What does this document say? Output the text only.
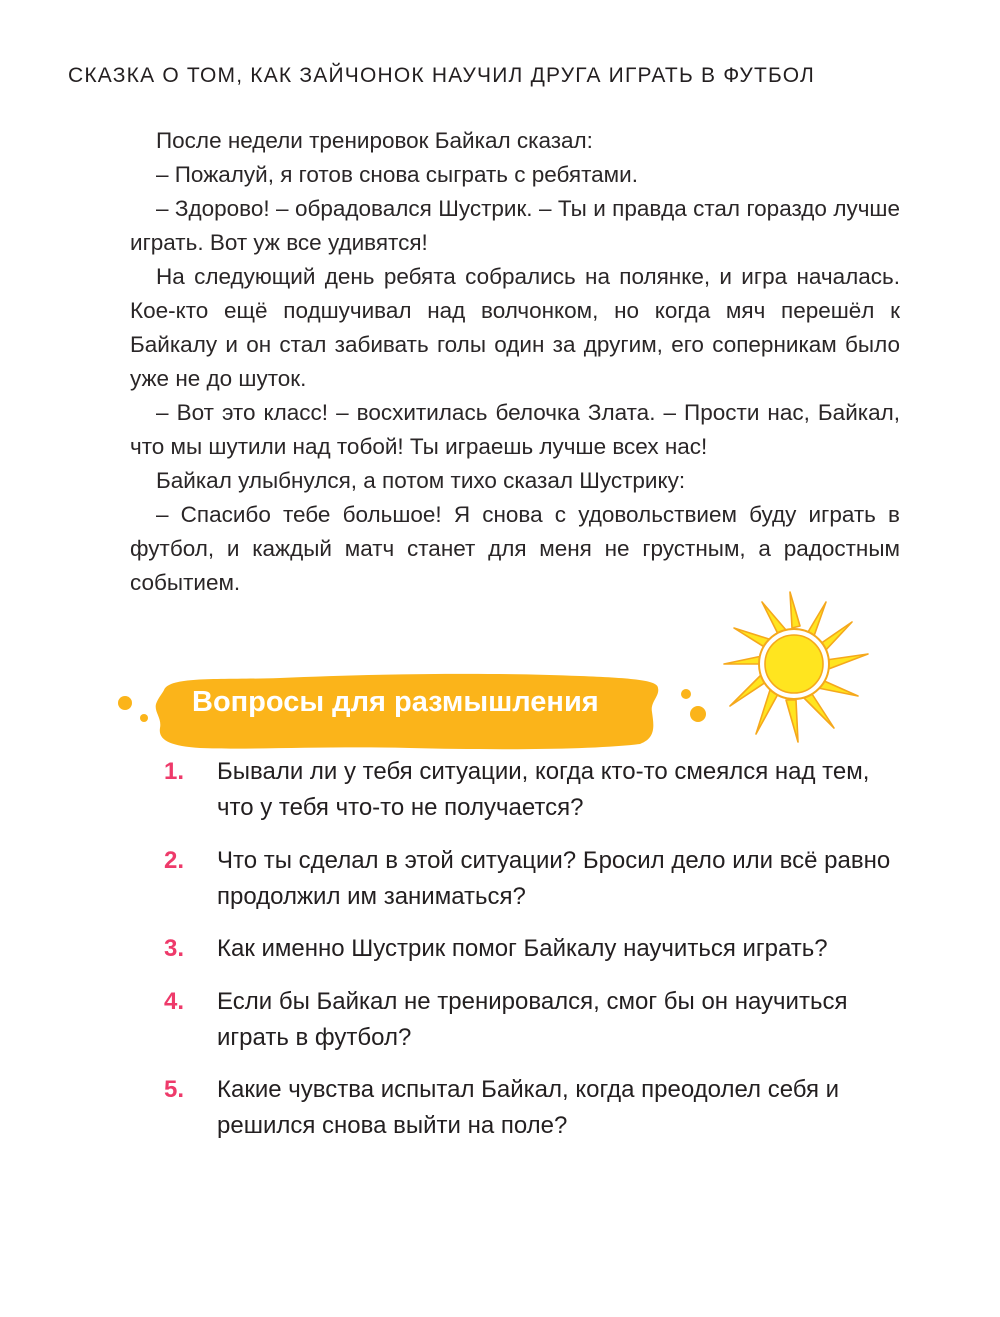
СКАЗКА О ТОМ, КАК ЗАЙЧОНОК НАУЧИЛ ДРУГА ИГРАТЬ В ФУТБОЛ

После недели тренировок Байкал сказал:

– Пожалуй, я готов снова сыграть с ребятами.

– Здорово! – обрадовался Шустрик. – Ты и правда стал гораздо лучше играть. Вот уж все удивятся!

На следующий день ребята собрались на полянке, и игра началась. Кое-кто ещё подшучивал над волчонком, но когда мяч перешёл к Байкалу и он стал забивать голы один за другим, его соперникам было уже не до шуток.

– Вот это класс! – восхитилась белочка Злата. – Прости нас, Байкал, что мы шутили над тобой! Ты играешь лучше всех нас!

Байкал улыбнулся, а потом тихо сказал Шустрику:

– Спасибо тебе большое! Я снова с удовольствием буду играть в футбол, и каждый матч станет для меня не грустным, а радостным событием.

Вопросы для размышления
1. Бывали ли у тебя ситуации, когда кто-то смеялся над тем, что у тебя что-то не получается?
2. Что ты сделал в этой ситуации? Бросил дело или всё равно продолжил им заниматься?
3. Как именно Шустрик помог Байкалу научиться играть?
4. Если бы Байкал не тренировался, смог бы он научиться играть в футбол?
5. Какие чувства испытал Байкал, когда преодолел себя и решился снова выйти на поле?
